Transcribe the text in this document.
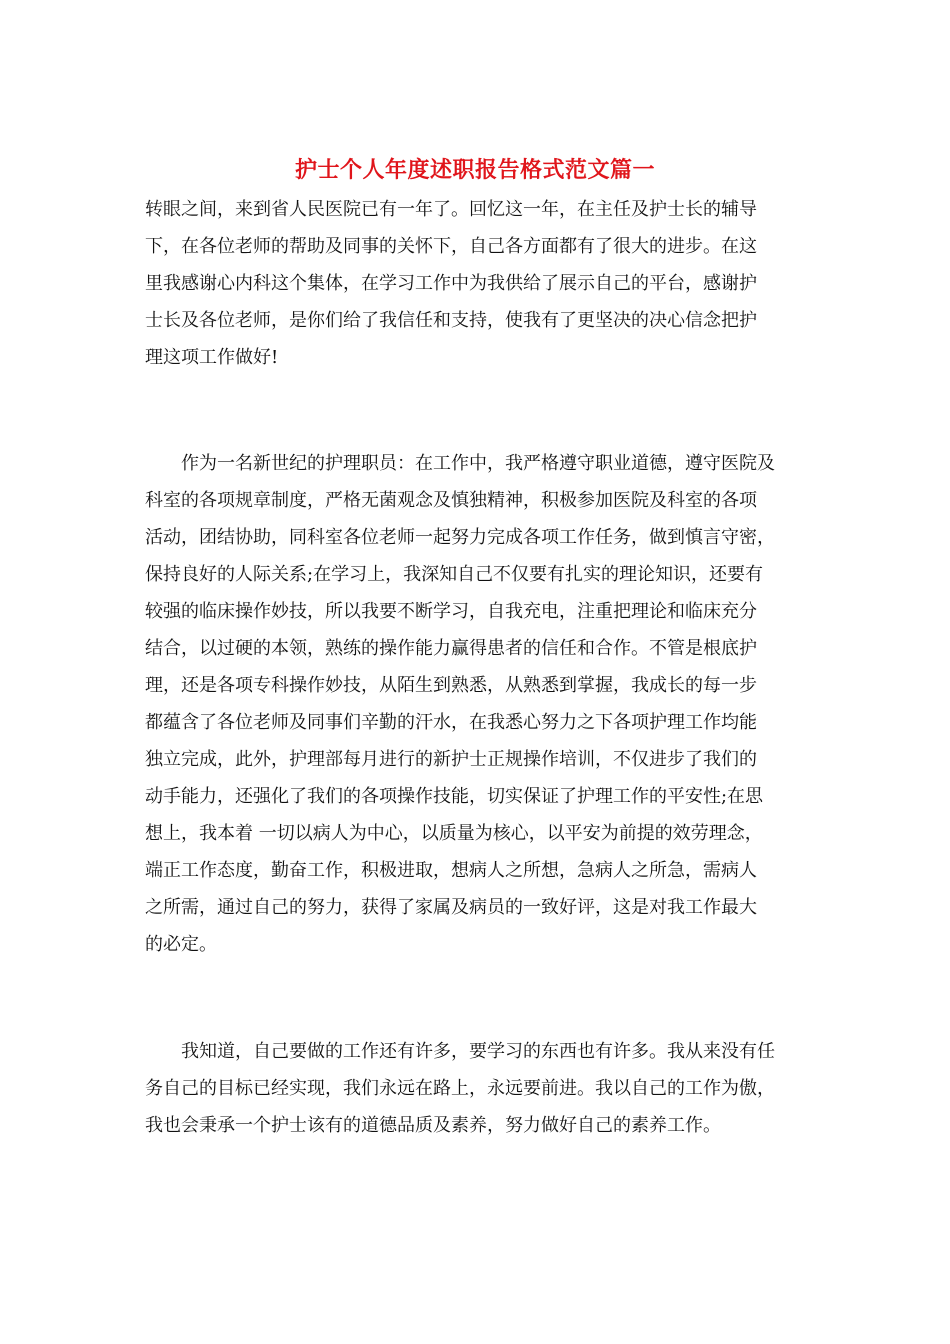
护士个人年度述职报告格式范文篇一
转眼之间，来到省人民医院已有一年了。回忆这一年，在主任及护士长的辅导
下，在各位老师的帮助及同事的关怀下，自己各方面都有了很大的进步。在这
里我感谢心内科这个集体，在学习工作中为我供给了展示自己的平台，感谢护
士长及各位老师，是你们给了我信任和支持，使我有了更坚决的决心信念把护
理这项工作做好!
　　作为一名新世纪的护理职员：在工作中，我严格遵守职业道德，遵守医院及
科室的各项规章制度，严格无菌观念及慎独精神，积极参加医院及科室的各项
活动，团结协助，同科室各位老师一起努力完成各项工作任务，做到慎言守密，
保持良好的人际关系;在学习上，我深知自己不仅要有扎实的理论知识，还要有
较强的临床操作妙技，所以我要不断学习，自我充电，注重把理论和临床充分
结合，以过硬的本领，熟练的操作能力赢得患者的信任和合作。不管是根底护
理，还是各项专科操作妙技，从陌生到熟悉，从熟悉到掌握，我成长的每一步
都蕴含了各位老师及同事们辛勤的汗水，在我悉心努力之下各项护理工作均能
独立完成，此外，护理部每月进行的新护士正规操作培训，不仅进步了我们的
动手能力，还强化了我们的各项操作技能，切实保证了护理工作的平安性;在思
想上，我本着 一切以病人为中心，以质量为核心，以平安为前提的效劳理念，
端正工作态度，勤奋工作，积极进取，想病人之所想，急病人之所急，需病人
之所需，通过自己的努力，获得了家属及病员的一致好评，这是对我工作最大
的必定。
　　我知道，自己要做的工作还有许多，要学习的东西也有许多。我从来没有任
务自己的目标已经实现，我们永远在路上，永远要前进。我以自己的工作为傲，
我也会秉承一个护士该有的道德品质及素养，努力做好自己的素养工作。
